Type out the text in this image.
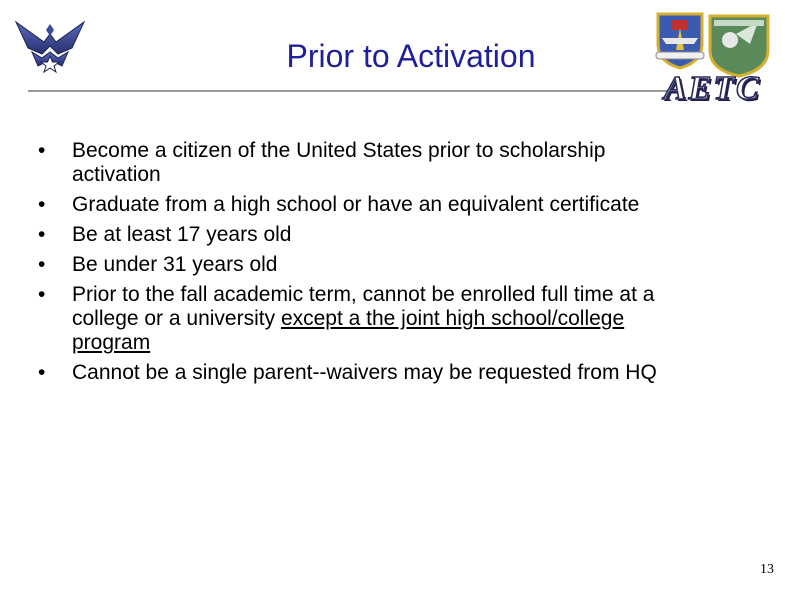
Prior to Activation
AETC
•	Become a citizen of the United States prior to scholarship activation
•	Graduate from a high school or have an equivalent certificate
•	Be at least 17 years old
•	Be under 31 years old
•	Prior to the fall academic term, cannot be enrolled full time at a college or a university except a the joint high school/college program
•	Cannot be a single parent--waivers may be requested from HQ
13
